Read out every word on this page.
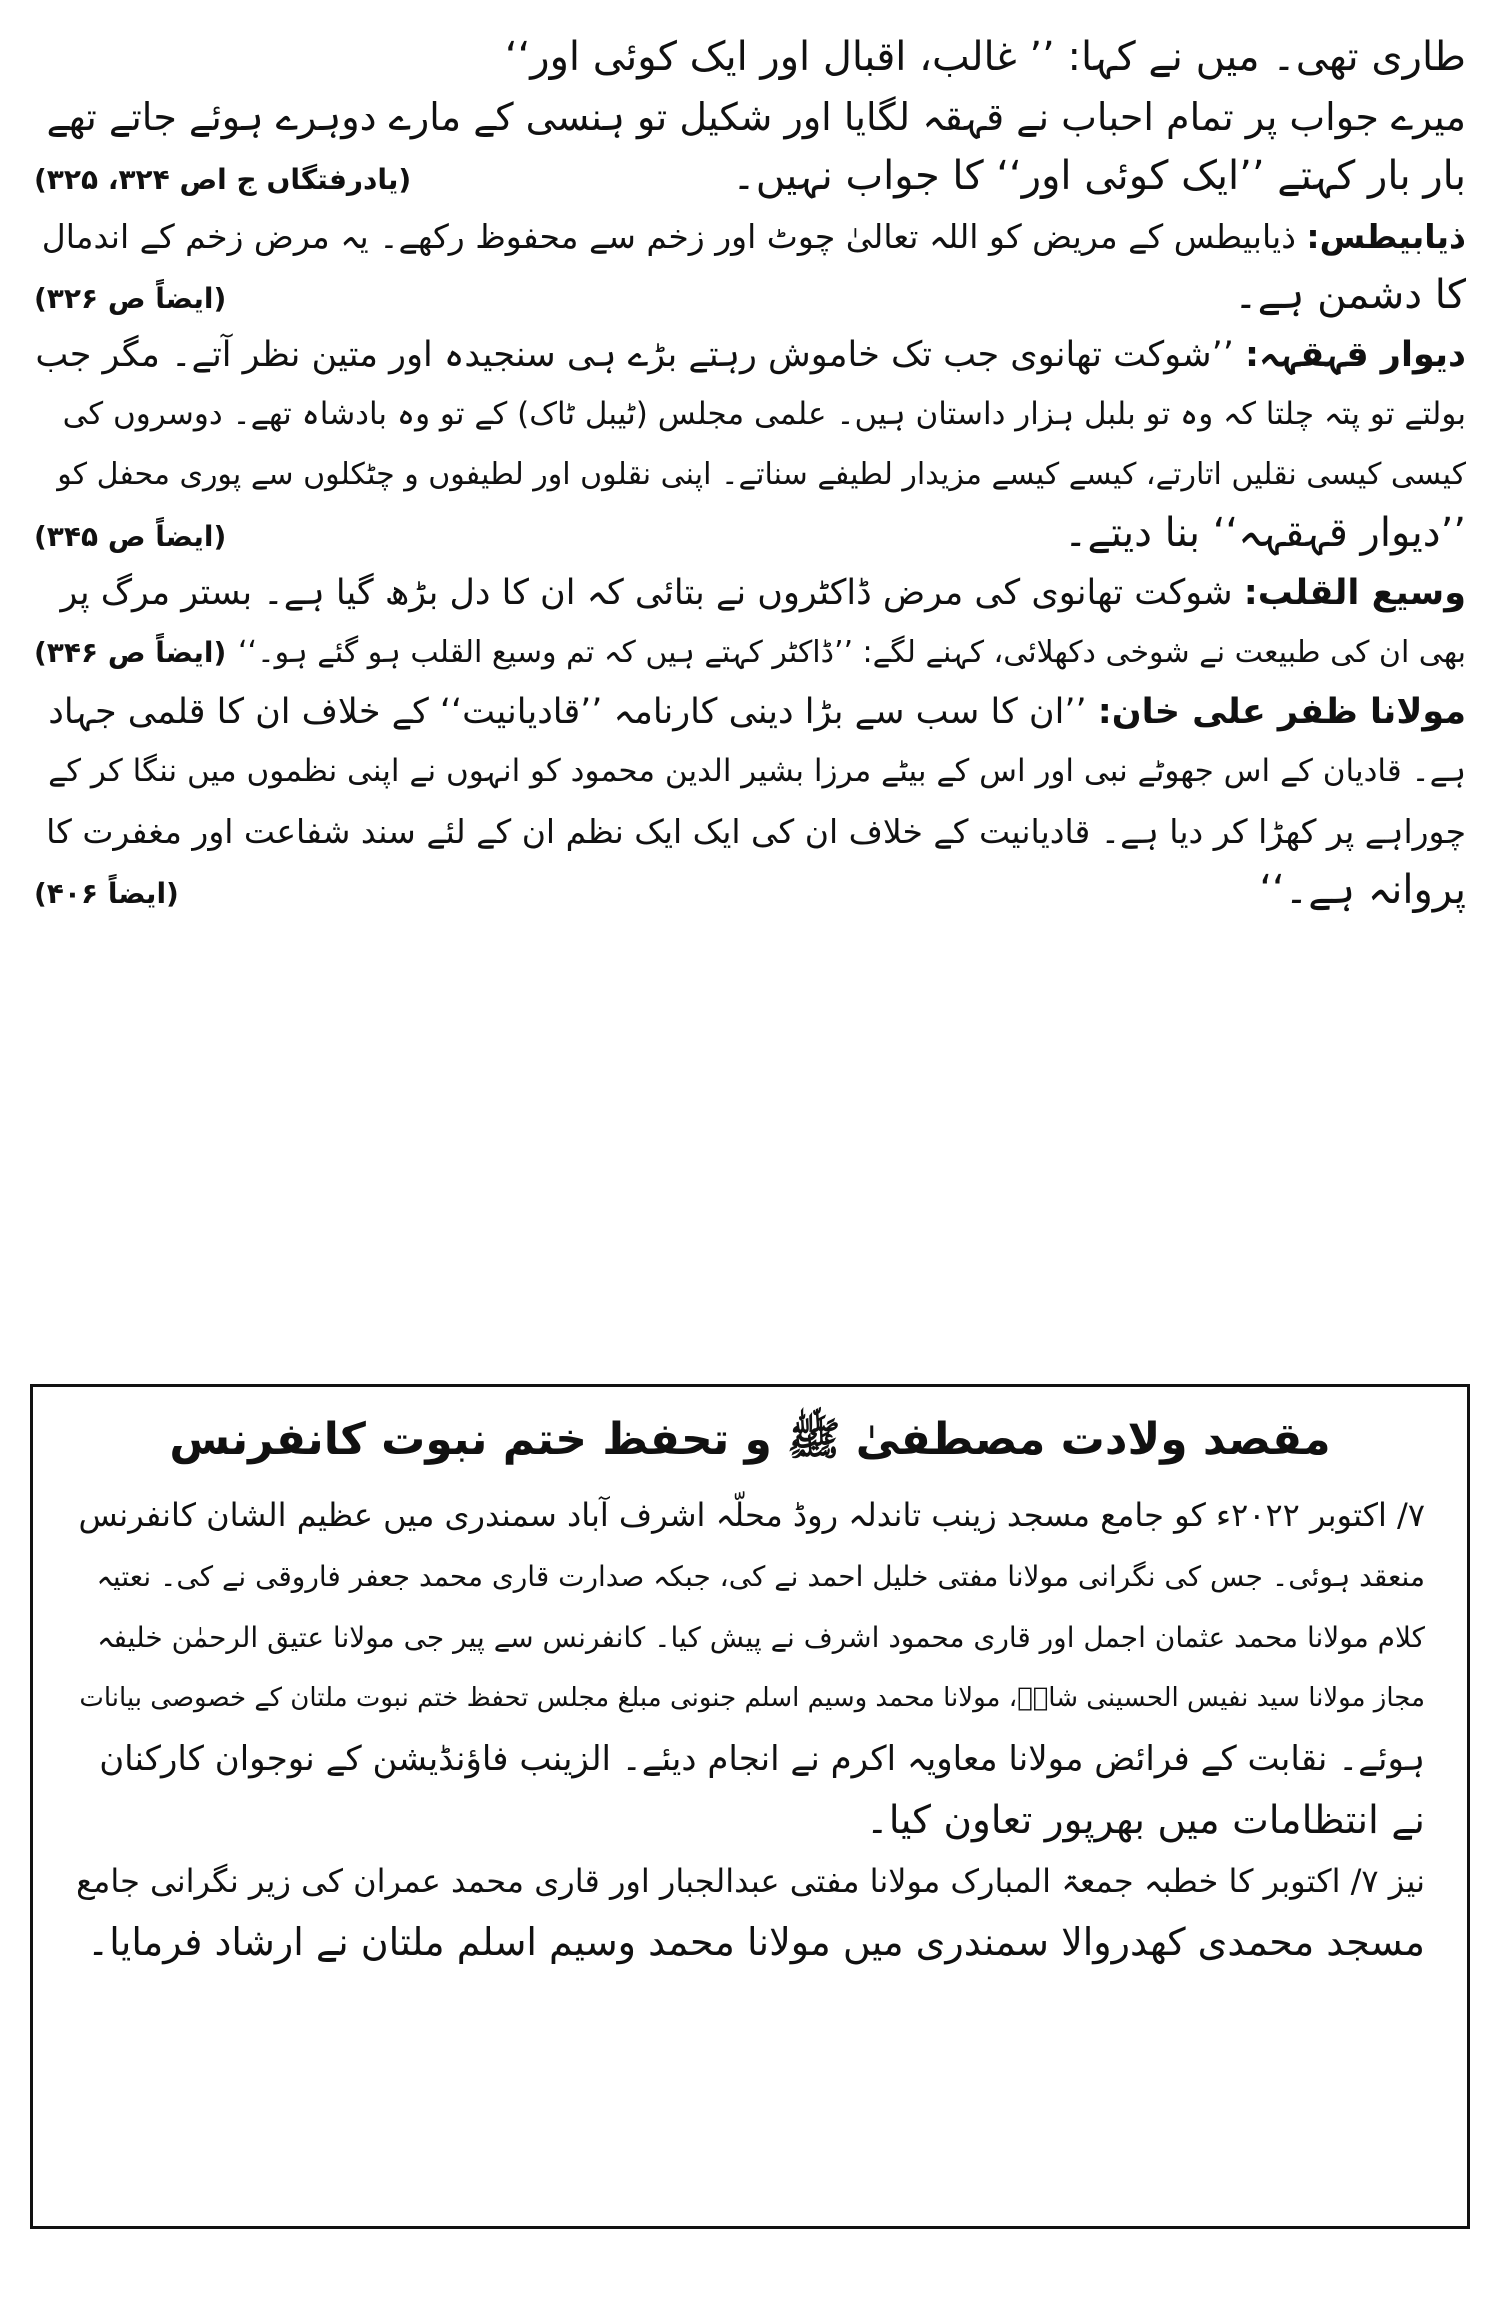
طاری تھی۔ میں نے کہا: ’’ غالب، اقبال اور ایک کوئی اور‘‘
میرے جواب پر تمام احباب نے قہقہ لگایا اور شکیل تو ہنسی کے مارے دوہرے ہوئے جاتے تھے
بار بار کہتے ’’ایک کوئی اور‘‘ کا جواب نہیں۔
(یادرفتگاں ج اص ۳۲۴، ۳۲۵)
ذیابیطس: ذیابیطس کے مریض کو اللہ تعالیٰ چوٹ اور زخم سے محفوظ رکھے۔ یہ مرض زخم کے اندمال
کا دشمن ہے۔
(ایضاً ص ۳۲۶)
دیوار قہقہہ: ’’شوکت تھانوی جب تک خاموش رہتے بڑے ہی سنجیدہ اور متین نظر آتے۔ مگر جب
بولتے تو پتہ چلتا کہ وہ تو بلبل ہزار داستان ہیں۔ علمی مجلس (ٹیبل ٹاک) کے تو وہ بادشاہ تھے۔ دوسروں کی
کیسی کیسی نقلیں اتارتے، کیسے کیسے مزیدار لطیفے سناتے۔ اپنی نقلوں اور لطیفوں و چٹکلوں سے پوری محفل کو
’’دیوار قہقہہ‘‘ بنا دیتے۔
(ایضاً ص ۳۴۵)
وسیع القلب: شوکت تھانوی کی مرض ڈاکٹروں نے بتائی کہ ان کا دل بڑھ گیا ہے۔ بستر مرگ پر
بھی ان کی طبیعت نے شوخی دکھلائی، کہنے لگے: ’’ڈاکٹر کہتے ہیں کہ تم وسیع القلب ہو گئے ہو۔‘‘
(ایضاً ص ۳۴۶)
مولانا ظفر علی خان: ’’ان کا سب سے بڑا دینی کارنامہ ’’قادیانیت‘‘ کے خلاف ان کا قلمی جہاد
ہے۔ قادیان کے اس جھوٹے نبی اور اس کے بیٹے مرزا بشیر الدین محمود کو انہوں نے اپنی نظموں میں ننگا کر کے
چوراہے پر کھڑا کر دیا ہے۔ قادیانیت کے خلاف ان کی ایک ایک نظم ان کے لئے سند شفاعت اور مغفرت کا
پروانہ ہے۔‘‘
(ایضاً ۴۰۶)
مقصد ولادت مصطفیٰ ﷺ و تحفظ ختم نبوت کانفرنس
۷/ اکتوبر ۲۰۲۲ء کو جامع مسجد زینب تاندلہ روڈ محلّہ اشرف آباد سمندری میں عظیم الشان کانفرنس
منعقد ہوئی۔ جس کی نگرانی مولانا مفتی خلیل احمد نے کی، جبکہ صدارت قاری محمد جعفر فاروقی نے کی۔ نعتیہ
کلام مولانا محمد عثمان اجمل اور قاری محمود اشرف نے پیش کیا۔ کانفرنس سے پیر جی مولانا عتیق الرحمٰن خلیفہ
مجاز مولانا سید نفیس الحسینی شاہؒ، مولانا محمد وسیم اسلم جنونی مبلغ مجلس تحفظ ختم نبوت ملتان کے خصوصی بیانات
ہوئے۔ نقابت کے فرائض مولانا معاویہ اکرم نے انجام دیئے۔ الزینب فاؤنڈیشن کے نوجوان کارکنان
نے انتظامات میں بھرپور تعاون کیا۔
نیز ۷/ اکتوبر کا خطبہ جمعۃ المبارک مولانا مفتی عبدالجبار اور قاری محمد عمران کی زیر نگرانی جامع
مسجد محمدی کھدروالا سمندری میں مولانا محمد وسیم اسلم ملتان نے ارشاد فرمایا۔
